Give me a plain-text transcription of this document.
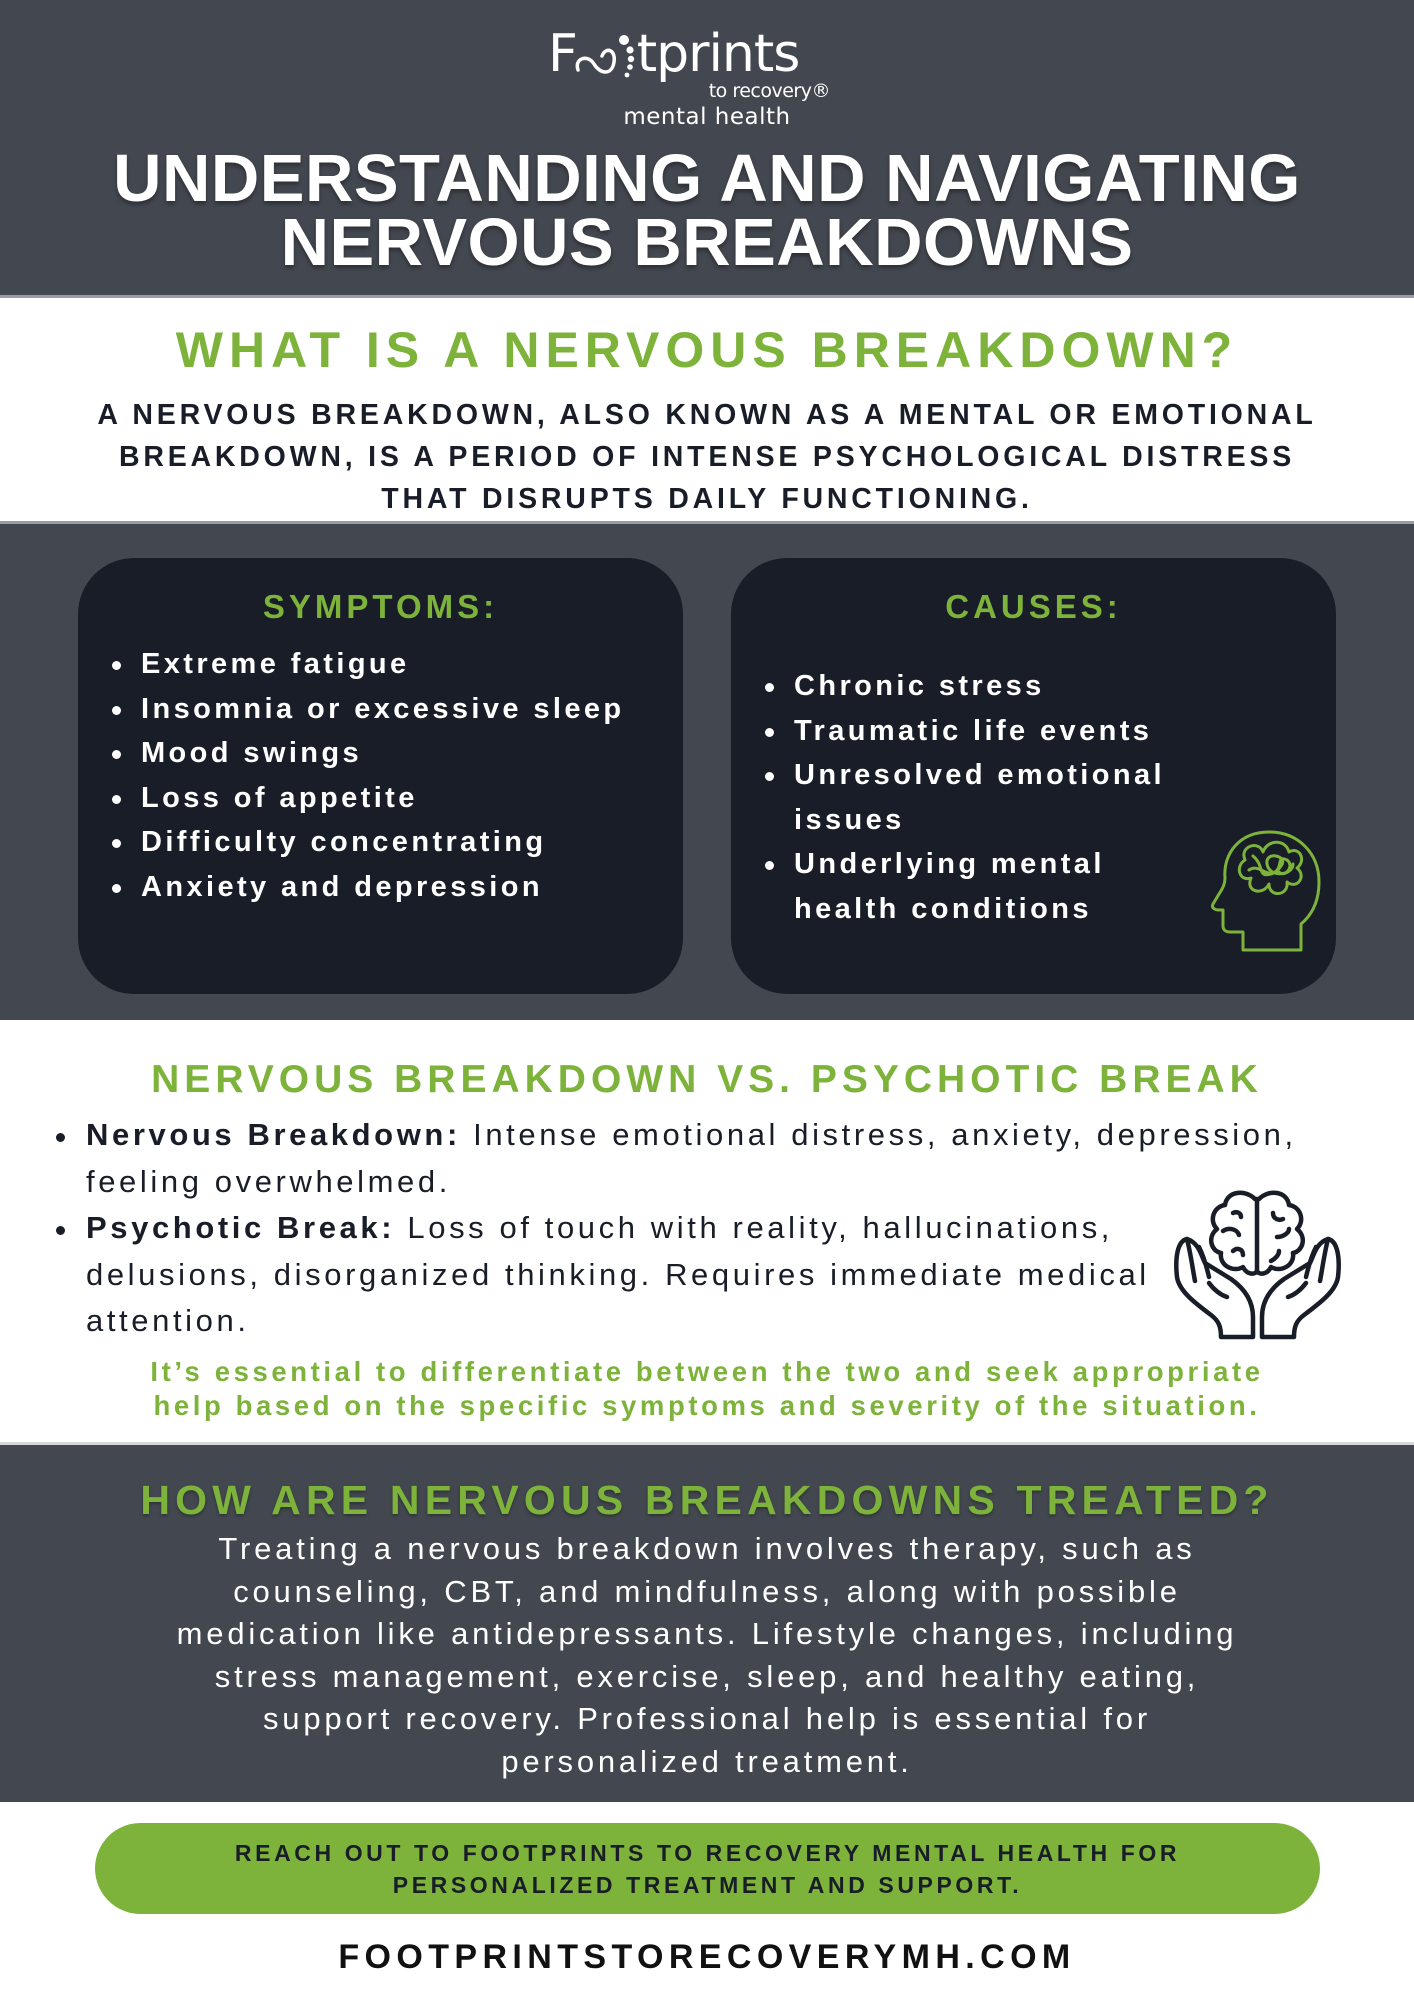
F tprints
to recovery®
mental health
UNDERSTANDING AND NAVIGATING
NERVOUS BREAKDOWNS
WHAT IS A NERVOUS BREAKDOWN?
A NERVOUS BREAKDOWN, ALSO KNOWN AS A MENTAL OR EMOTIONAL
BREAKDOWN, IS A PERIOD OF INTENSE PSYCHOLOGICAL DISTRESS
THAT DISRUPTS DAILY FUNCTIONING.
SYMPTOMS:
Extreme fatigue
Insomnia or excessive sleep
Mood swings
Loss of appetite
Difficulty concentrating
Anxiety and depression
CAUSES:
Chronic stress
Traumatic life events
Unresolved emotional issues
Underlying mental health conditions
NERVOUS BREAKDOWN VS. PSYCHOTIC BREAK
Nervous Breakdown: Intense emotional distress, anxiety, depression, feeling overwhelmed.
Psychotic Break: Loss of touch with reality, hallucinations, delusions, disorganized thinking. Requires immediate medical attention.
It’s essential to differentiate between the two and seek appropriate
help based on the specific symptoms and severity of the situation.
HOW ARE NERVOUS BREAKDOWNS TREATED?
Treating a nervous breakdown involves therapy, such as
counseling, CBT, and mindfulness, along with possible
medication like antidepressants. Lifestyle changes, including
stress management, exercise, sleep, and healthy eating,
support recovery. Professional help is essential for
personalized treatment.
REACH OUT TO FOOTPRINTS TO RECOVERY MENTAL HEALTH FOR
PERSONALIZED TREATMENT AND SUPPORT.
FOOTPRINTSTORECOVERYMH.COM
